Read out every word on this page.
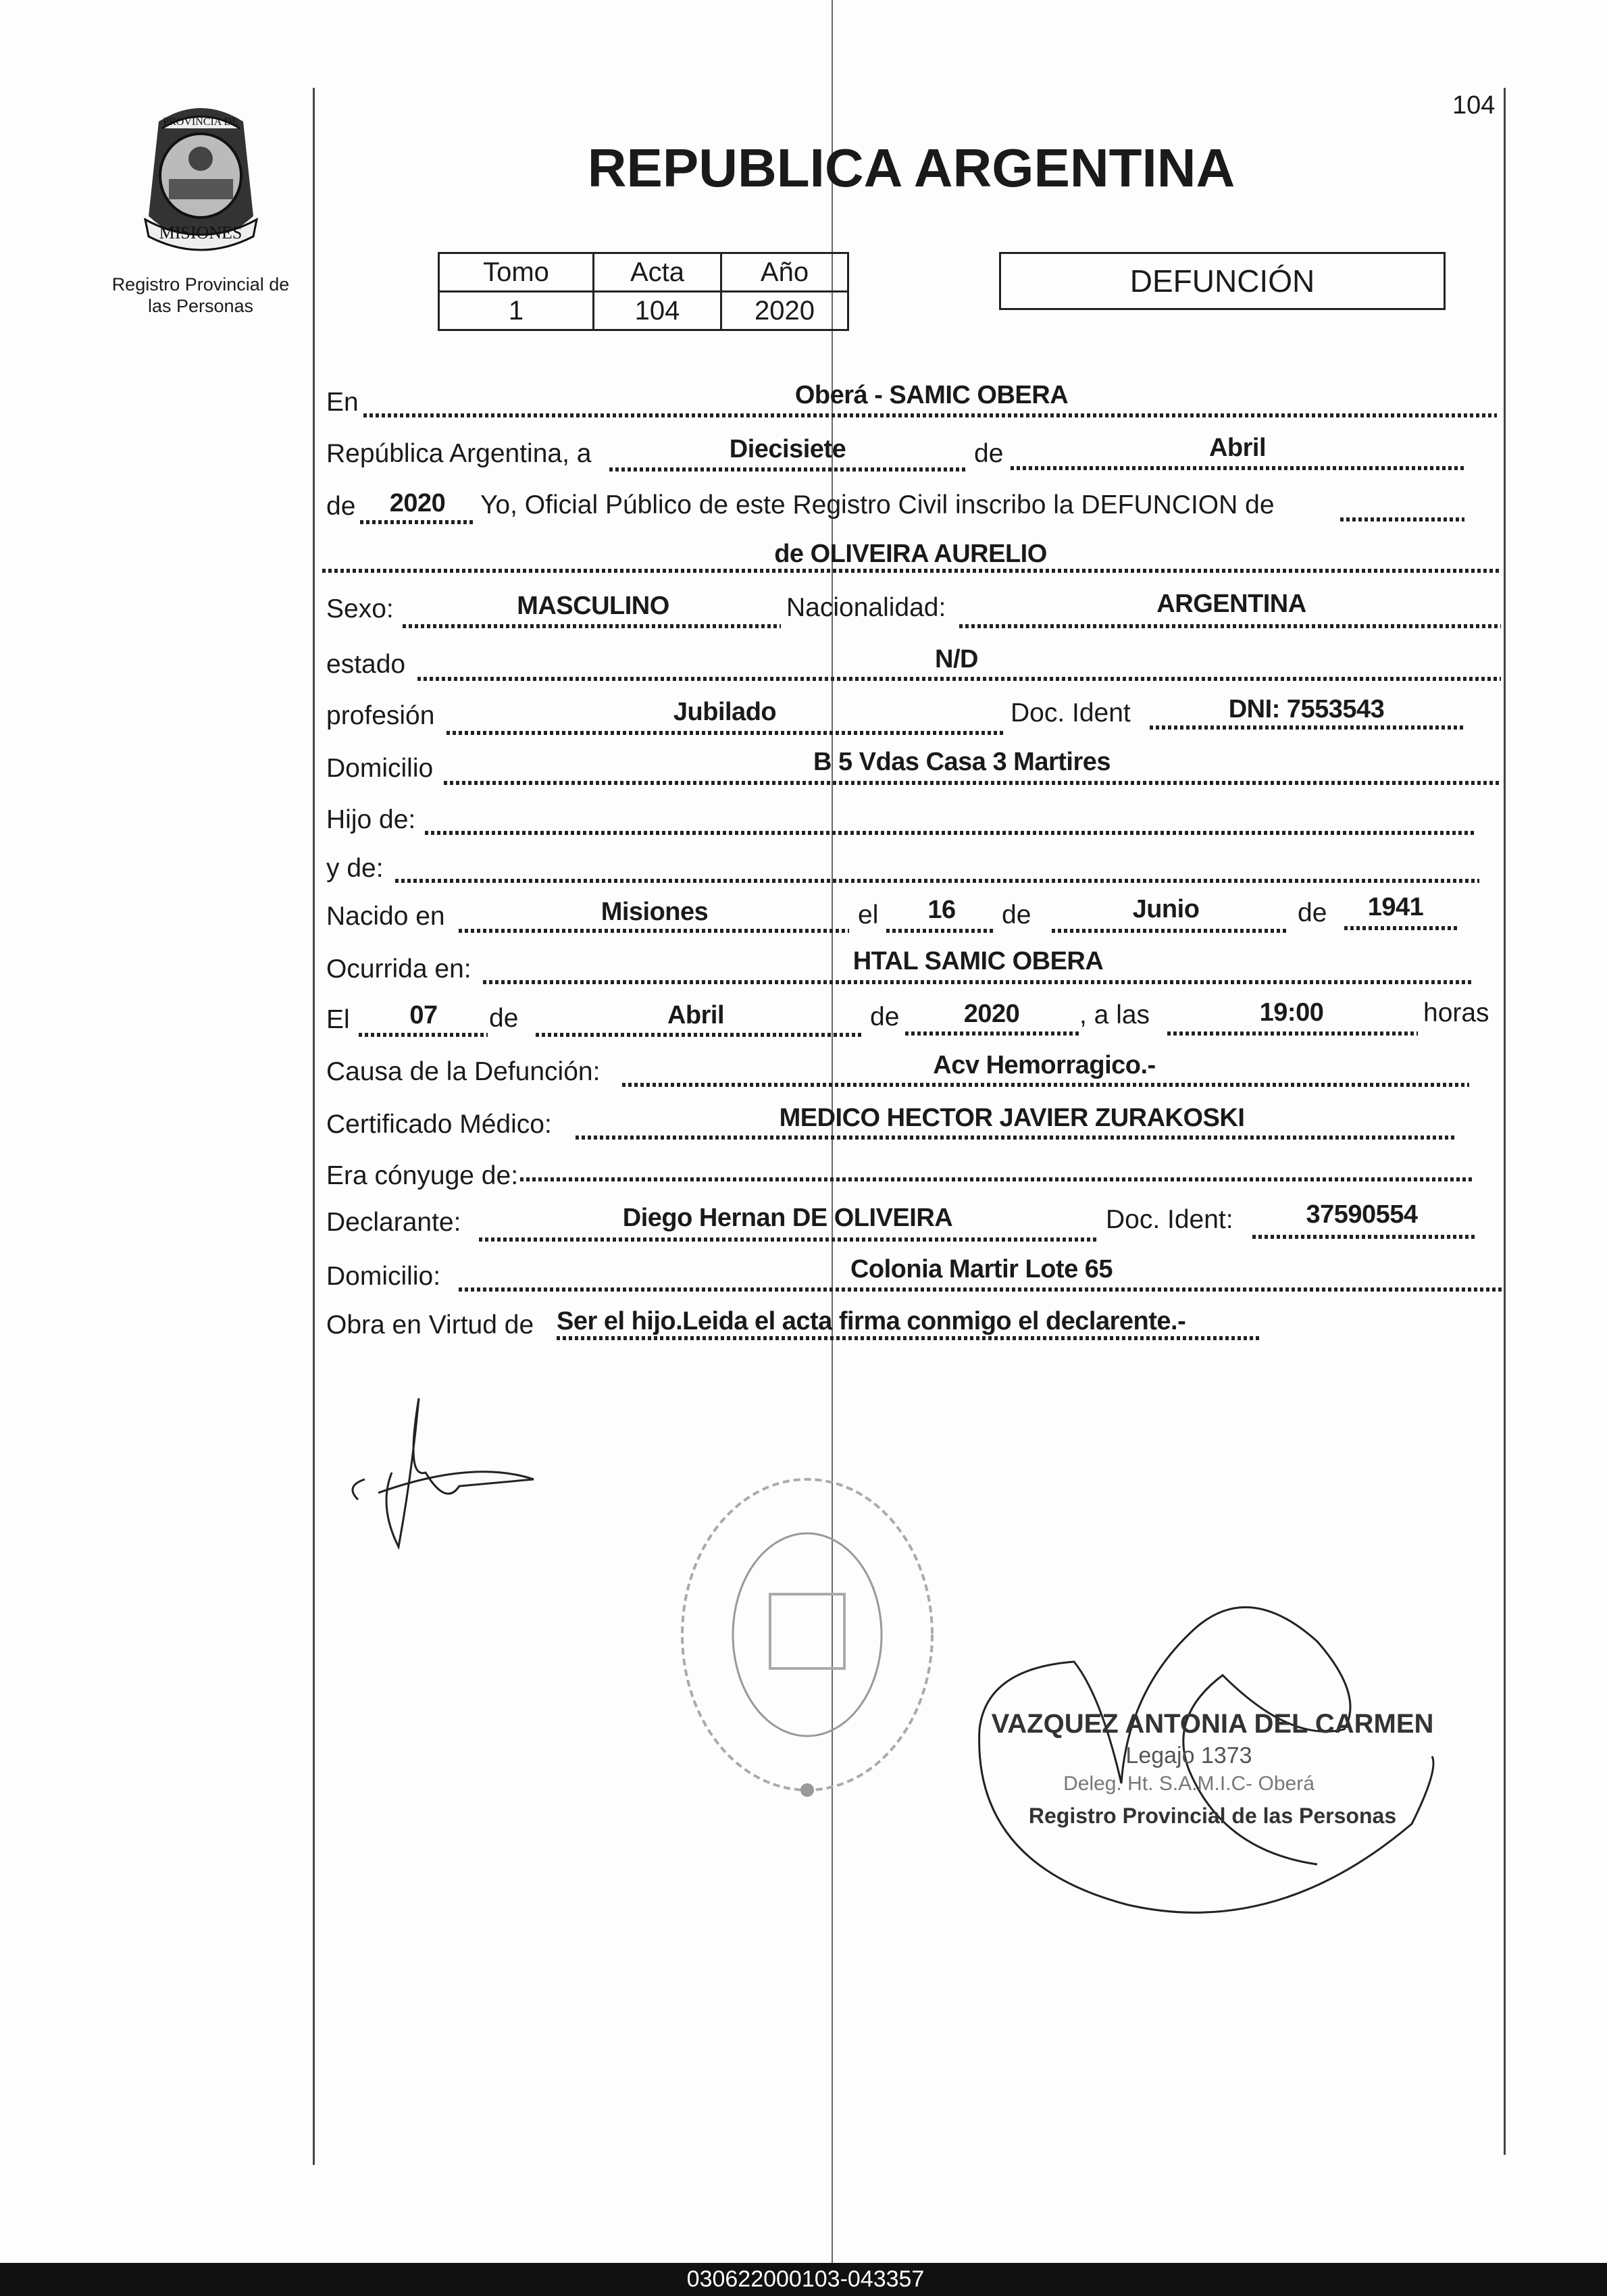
MISIONES
PROVINCIA DE
Registro Provincial de
las Personas
REPUBLICA ARGENTINA
104
Tomo	Acta	Año
1	104	2020
DEFUNCIÓN
En	Oberá - SAMIC OBERA
República Argentina, a	Diecisiete	de	Abril
de 2020 Yo, Oficial Público de este Registro Civil inscribo la DEFUNCION de
de OLIVEIRA AURELIO
Sexo:	MASCULINO	Nacionalidad:	ARGENTINA
estado	N/D
profesión	Jubilado	Doc. Ident	DNI: 7553543
Domicilio	B 5 Vdas Casa 3 Martires
Hijo de:
y de:
Nacido en	Misiones	el 16 de	Junio	de 1941
Ocurrida en:	HTAL SAMIC OBERA
El 07 de	Abril	de	2020 , a las	19:00	horas
Causa de la Defunción:	Acv Hemorragico.-
Certificado Médico:	MEDICO HECTOR JAVIER ZURAKOSKI
Era cónyuge de:
Declarante:	Diego Hernan DE OLIVEIRA	Doc. Ident:	37590554
Domicilio:	Colonia Martir Lote 65
Obra en Virtud de Ser el hijo.Leida el acta firma conmigo el declarente.-
VAZQUEZ ANTONIA DEL CARMEN
Legajo 1373
Deleg. Ht. S.A.M.I.C- Oberá
Registro Provincial de las Personas
030622000103-043357
